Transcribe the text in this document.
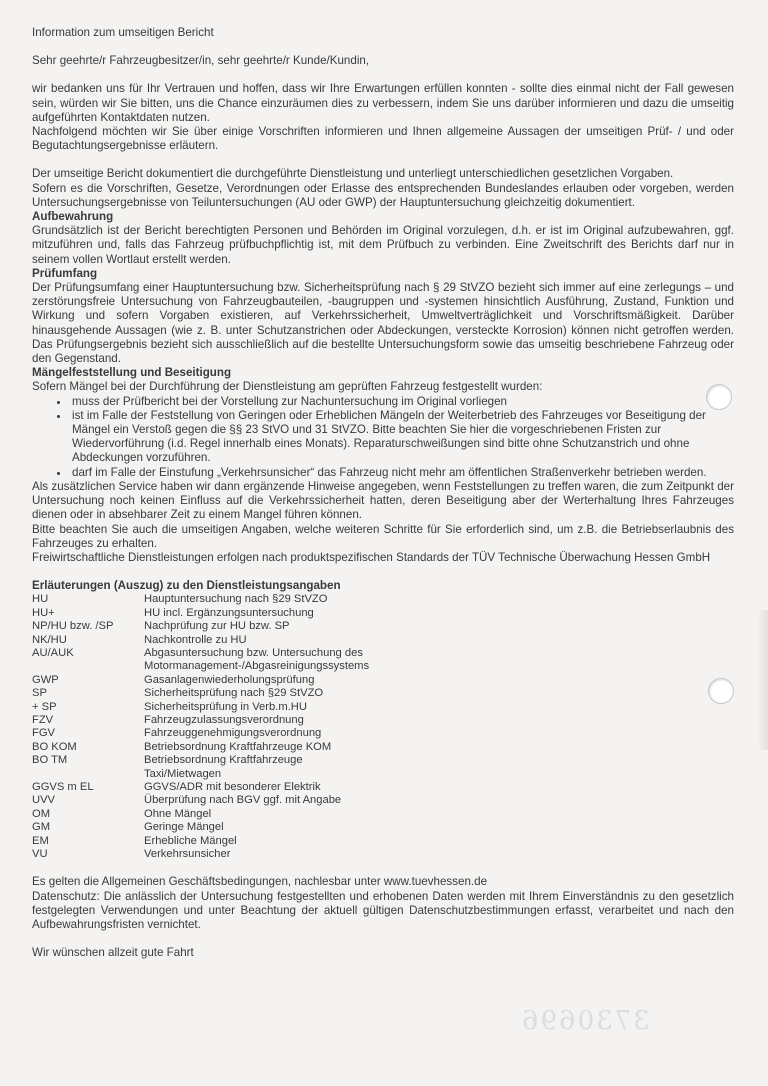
Information zum umseitigen Bericht

Sehr geehrte/r Fahrzeugbesitzer/in, sehr geehrte/r Kunde/Kundin,

wir bedanken uns für Ihr Vertrauen und hoffen, dass wir Ihre Erwartungen erfüllen konnten - sollte dies einmal nicht der Fall gewesen sein, würden wir Sie bitten, uns die Chance einzuräumen dies zu verbessern, indem Sie uns darüber informieren und dazu die umseitig aufgeführten Kontaktdaten nutzen.

Nachfolgend möchten wir Sie über einige Vorschriften informieren und Ihnen allgemeine Aussagen der umseitigen Prüf- / und oder Begutachtungsergebnisse erläutern.

Der umseitige Bericht dokumentiert die durchgeführte Dienstleistung und unterliegt unterschiedlichen gesetzlichen Vorgaben.

Sofern es die Vorschriften, Gesetze, Verordnungen oder Erlasse des entsprechenden Bundeslandes erlauben oder vorgeben, werden Untersuchungsergebnisse von Teiluntersuchungen (AU oder GWP) der Hauptuntersuchung gleichzeitig dokumentiert.

Aufbewahrung

Grundsätzlich ist der Bericht berechtigten Personen und Behörden im Original vorzulegen, d.h. er ist im Original aufzubewahren, ggf. mitzuführen und, falls das Fahrzeug prüfbuchpflichtig ist, mit dem Prüfbuch zu verbinden. Eine Zweitschrift des Berichts darf nur in seinem vollen Wortlaut erstellt werden.

Prüfumfang

Der Prüfungsumfang einer Hauptuntersuchung bzw. Sicherheitsprüfung nach § 29 StVZO bezieht sich immer auf eine zerlegungs – und zerstörungsfreie Untersuchung von Fahrzeugbauteilen, -baugruppen und -systemen hinsichtlich Ausführung, Zustand, Funktion und Wirkung und sofern Vorgaben existieren, auf Verkehrssicherheit, Umweltverträglichkeit und Vorschriftsmäßigkeit. Darüber hinausgehende Aussagen (wie z. B. unter Schutzanstrichen oder Abdeckungen, versteckte Korrosion) können nicht getroffen werden. Das Prüfungsergebnis bezieht sich ausschließlich auf die bestellte Untersuchungsform sowie das umseitig beschriebene Fahrzeug oder den Gegenstand.

Mängelfeststellung und Beseitigung

Sofern Mängel bei der Durchführung der Dienstleistung am geprüften Fahrzeug festgestellt wurden:

• muss der Prüfbericht bei der Vorstellung zur Nachuntersuchung im Original vorliegen
• ist im Falle der Feststellung von Geringen oder Erheblichen Mängeln der Weiterbetrieb des Fahrzeuges vor Beseitigung der Mängel ein Verstoß gegen die §§ 23 StVO und 31 StVZO. Bitte beachten Sie hier die vorgeschriebenen Fristen zur Wiedervorführung (i.d. Regel innerhalb eines Monats). Reparaturschweißungen sind bitte ohne Schutzanstrich und ohne Abdeckungen vorzuführen.
• darf im Falle der Einstufung „Verkehrsunsicher“ das Fahrzeug nicht mehr am öffentlichen Straßenverkehr betrieben werden.

Als zusätzlichen Service haben wir dann ergänzende Hinweise angegeben, wenn Feststellungen zu treffen waren, die zum Zeitpunkt der Untersuchung noch keinen Einfluss auf die Verkehrssicherheit hatten, deren Beseitigung aber der Werterhaltung Ihres Fahrzeuges dienen oder in absehbarer Zeit zu einem Mangel führen können.

Bitte beachten Sie auch die umseitigen Angaben, welche weiteren Schritte für Sie erforderlich sind, um z.B. die Betriebserlaubnis des Fahrzeuges zu erhalten.

Freiwirtschaftliche Dienstleistungen erfolgen nach produktspezifischen Standards der TÜV Technische Überwachung Hessen GmbH

Erläuterungen (Auszug) zu den Dienstleistungsangaben
HU	Hauptuntersuchung nach §29 StVZO
HU+	HU incl. Ergänzungsuntersuchung
NP/HU bzw. /SP	Nachprüfung zur HU bzw. SP
NK/HU	Nachkontrolle zu HU
AU/AUK	Abgasuntersuchung bzw. Untersuchung des Motormanagement-/Abgasreinigungssystems
GWP	Gasanlagenwiederholungsprüfung
SP	Sicherheitsprüfung nach §29 StVZO
+ SP	Sicherheitsprüfung in Verb.m.HU
FZV	Fahrzeugzulassungsverordnung
FGV	Fahrzeuggenehmigungsverordnung
BO KOM	Betriebsordnung Kraftfahrzeuge KOM
BO TM	Betriebsordnung Kraftfahrzeuge Taxi/Mietwagen
GGVS m EL	GGVS/ADR mit besonderer Elektrik
UVV	Überprüfung nach BGV ggf. mit Angabe
OM	Ohne Mängel
GM	Geringe Mängel
EM	Erhebliche Mängel
VU	Verkehrsunsicher

Es gelten die Allgemeinen Geschäftsbedingungen, nachlesbar unter www.tuevhessen.de

Datenschutz: Die anlässlich der Untersuchung festgestellten und erhobenen Daten werden mit Ihrem Einverständnis zu den gesetzlich festgelegten Verwendungen und unter Beachtung der aktuell gültigen Datenschutzbestimmungen erfasst, verarbeitet und nach den Aufbewahrungsfristen vernichtet.

Wir wünschen allzeit gute Fahrt

3730696
